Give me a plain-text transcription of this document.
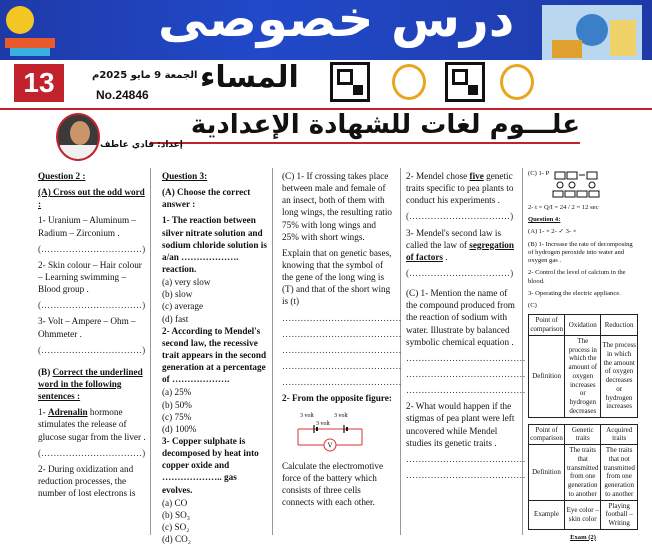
درس خصوصى
13	الجمعة 9 مايو 2025م
No.24846 المساء
علـــوم لغات للشهادة الإعدادية
إعداد: فادي عاطف

Question 2 :

(A) Cross out the odd word :

1- Uranium – Aluminum – Radium – Zirconium .

(……………………………)

2- Skin colour – Hair colour – Learning swimming – Blood group .

(……………………………)

3- Volt – Ampere – Ohm – Ohmmeter .

(……………………………)

(B) Correct the underlined word in the following sentences :

1- Adrenalin hormone stimulates the release of glucose sugar from the liver .

(……………………………)

2- During oxidization and reduction processes, the number of lost electrons is

Question 3:

(A) Choose the correct answer :

1- The reaction between silver nitrate solution and sodium chloride solution is a/an ………………. reaction.

(a) very slow
(b) slow
(c) average
(d) fast

2- According to Mendel's second law, the recessive trait appears in the second generation at a percentage of ……………….

(a) 25%
(b) 50%
(c) 75%
(d) 100%

3- Copper sulphate is decomposed by heat into copper oxide and ……………….. gas evolves.

(a) CO
(b) SO₃
(c) SO₂
(d) CO₂

(C) 1- If crossing takes place between male and female of an insect, both of them with long wings, the resulting ratio 75% with long wings and 25% with short wings.

Explain that on genetic bases, knowing that the symbol of the gene of the long wing is (T) and that of the short wing is (t)

…………………………………

…………………………………

…………………………………

…………………………………

…………………………………

2- From the opposite figure:

3 volt	3 volt
3 volt
V

Calculate the electromotive force of the battery which consists of three cells connects with each other.

2- Mendel chose five genetic traits specific to pea plants to conduct his experiments .

(……………………………)

3- Mendel's second law is called the law of segregation of factors .

(……………………………)

(C) 1- Mention the name of the compound produced from the reaction of sodium with water. Illustrate by balanced symbolic chemical equation .

…………………………………

…………………………………

…………………………………

2- What would happen if the stigmas of pea plant were left uncovered while Mendel studies its genetic traits .

…………………………………

…………………………………

(C) 1- P

2- t = Q/I = 24 / 2 = 12 sec

Question 4:

(A) 1- × 2- ✓ 3- ×

(B) 1- Increase the rate of decomposing of hydrogen peroxide into water and oxygen gas .

2- Control the level of calcium in the blood.

3- Operating the electric appliance.

(C)

Point of comparison	Oxidation	Reduction
Definition	The process in which the amount of oxygen increases or hydrogen decreases	The process in which the amount of oxygen decreases or hydrogen increases
Point of comparison	Genetic traits	Acquired traits
Definition	The traits that transmitted from one generation to another	The traits that not transmitted from one generation to another
Example	Eye color – skin color	Playing football – Writing

Exam (2)
